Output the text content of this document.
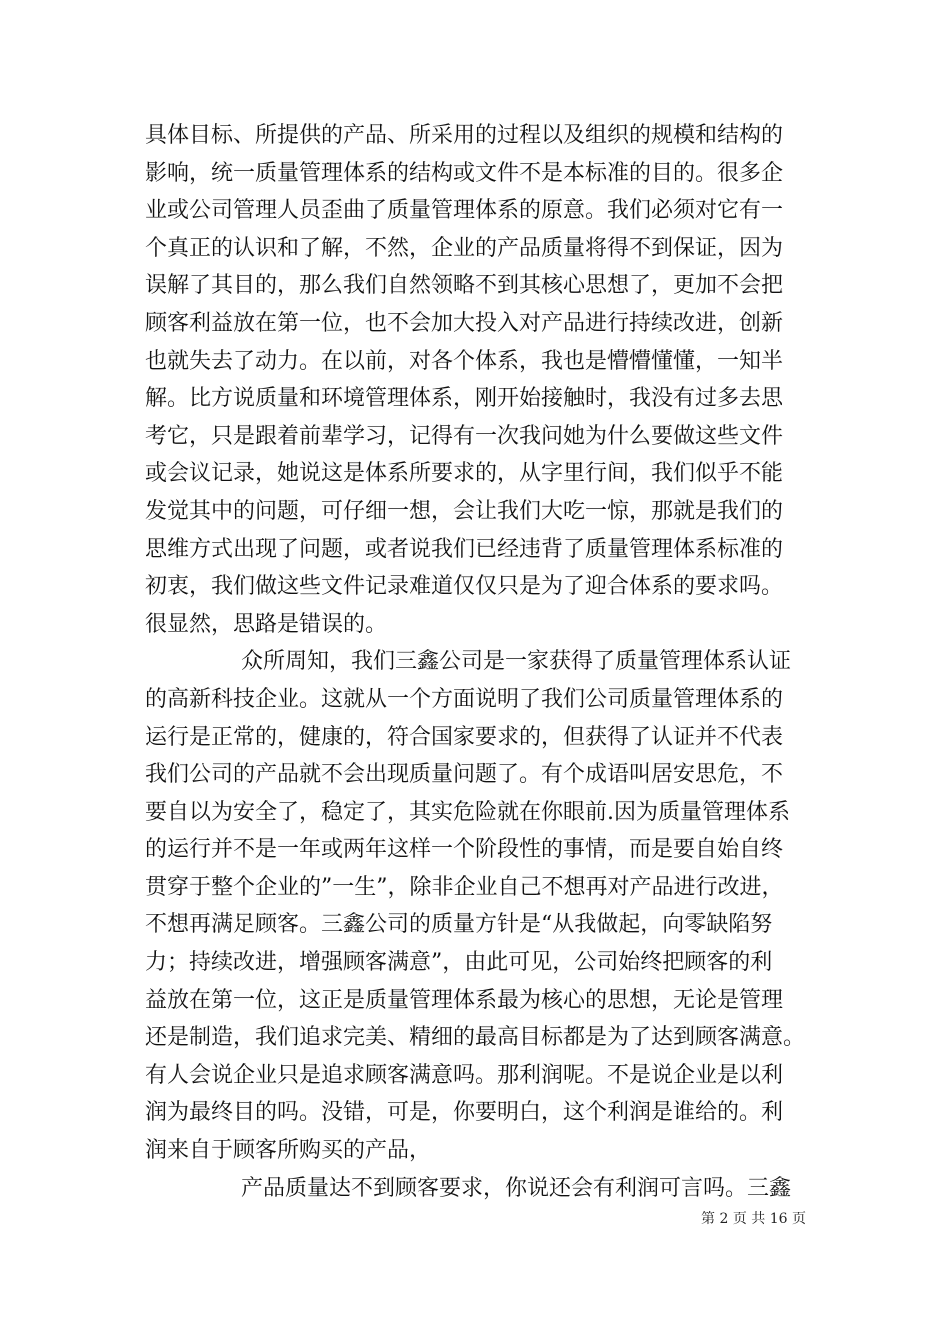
具体目标、所提供的产品、所采用的过程以及组织的规模和结构的
影响，统一质量管理体系的结构或文件不是本标准的目的。很多企
业或公司管理人员歪曲了质量管理体系的原意。我们必须对它有一
个真正的认识和了解，不然，企业的产品质量将得不到保证，因为
误解了其目的，那么我们自然领略不到其核心思想了，更加不会把
顾客利益放在第一位，也不会加大投入对产品进行持续改进，创新
也就失去了动力。在以前，对各个体系，我也是懵懵懂懂，一知半
解。比方说质量和环境管理体系，刚开始接触时，我没有过多去思
考它，只是跟着前辈学习，记得有一次我问她为什么要做这些文件
或会议记录，她说这是体系所要求的，从字里行间，我们似乎不能
发觉其中的问题，可仔细一想，会让我们大吃一惊，那就是我们的
思维方式出现了问题，或者说我们已经违背了质量管理体系标准的
初衷，我们做这些文件记录难道仅仅只是为了迎合体系的要求吗。
很显然，思路是错误的。
众所周知，我们三鑫公司是一家获得了质量管理体系认证
的高新科技企业。这就从一个方面说明了我们公司质量管理体系的
运行是正常的，健康的，符合国家要求的，但获得了认证并不代表
我们公司的产品就不会出现质量问题了。有个成语叫居安思危，不
要自以为安全了，稳定了，其实危险就在你眼前.因为质量管理体系
的运行并不是一年或两年这样一个阶段性的事情，而是要自始自终
贯穿于整个企业的”一生”，除非企业自己不想再对产品进行改进，
不想再满足顾客。三鑫公司的质量方针是“从我做起，向零缺陷努
力；持续改进，增强顾客满意”，由此可见，公司始终把顾客的利
益放在第一位，这正是质量管理体系最为核心的思想，无论是管理
还是制造，我们追求完美、精细的最高目标都是为了达到顾客满意。
有人会说企业只是追求顾客满意吗。那利润呢。不是说企业是以利
润为最终目的吗。没错，可是，你要明白，这个利润是谁给的。利
润来自于顾客所购买的产品，
产品质量达不到顾客要求，你说还会有利润可言吗。三鑫
第 2 页 共 16 页
